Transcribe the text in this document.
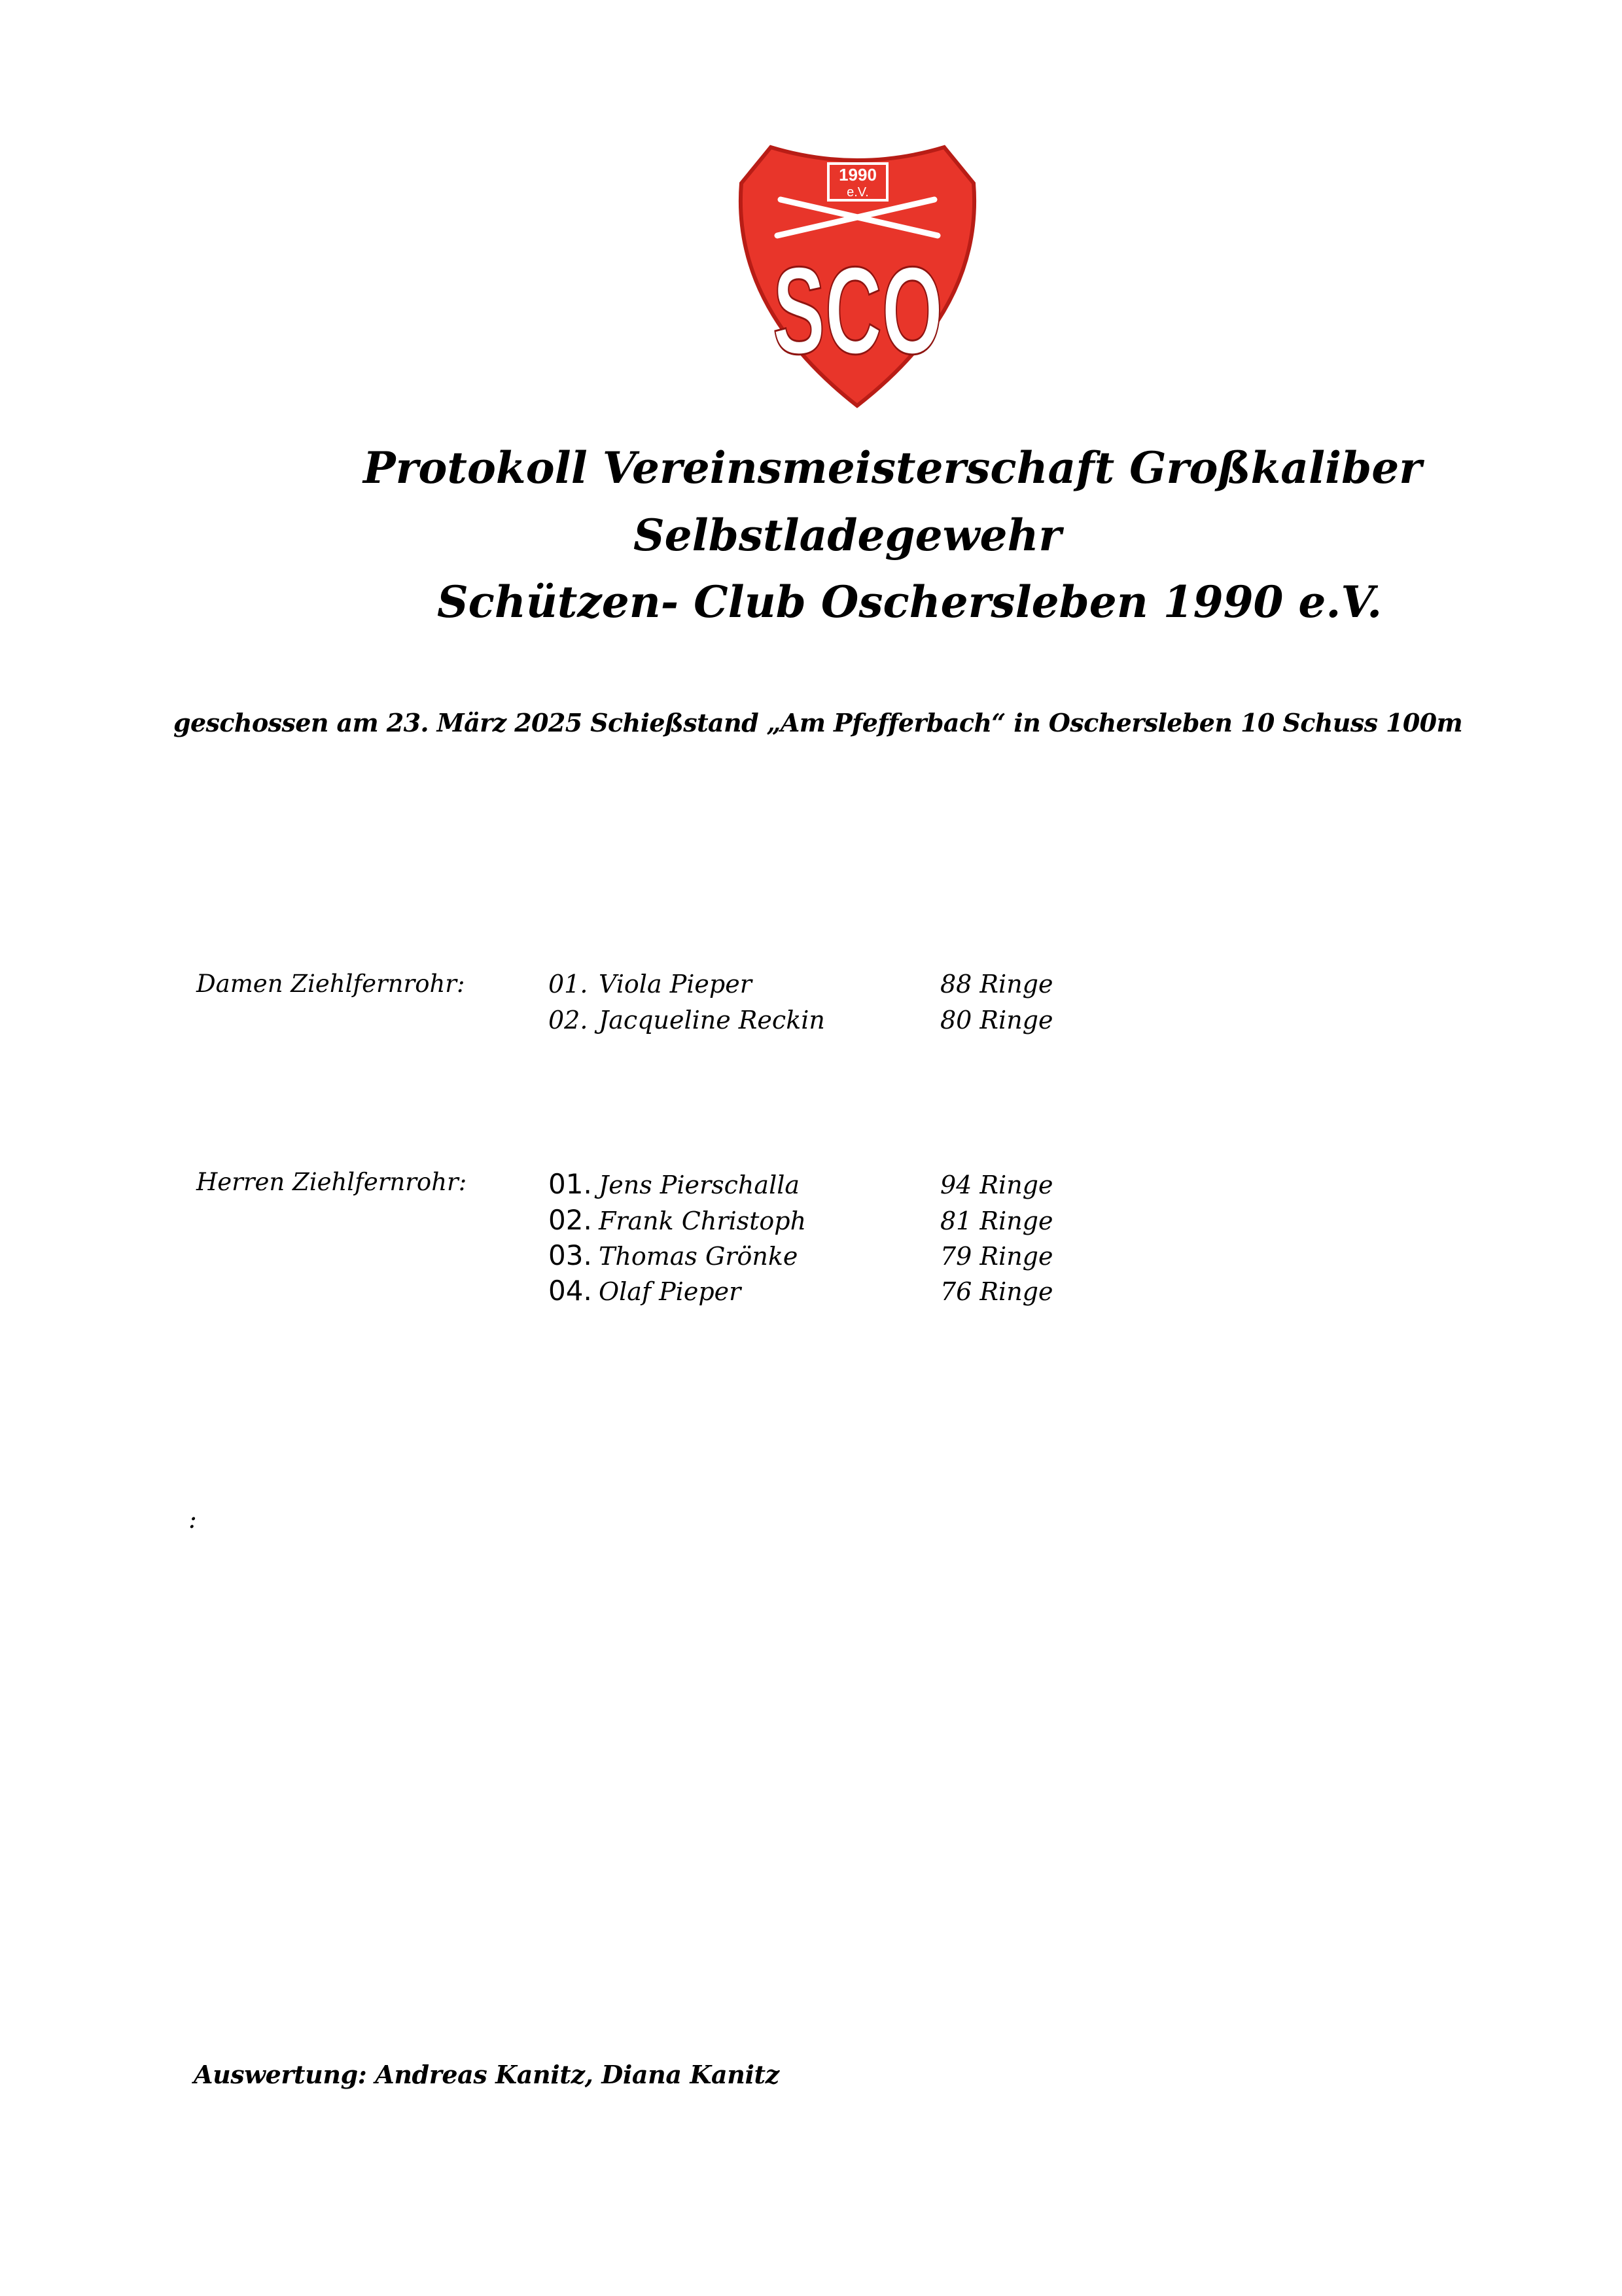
1990
e.V.
SCO
Protokoll Vereinsmeisterschaft Großkaliber
Selbstladegewehr
Schützen- Club Oschersleben 1990 e.V.
geschossen am 23. März 2025 Schießstand „Am Pfefferbach“ in Oschersleben 10 Schuss 100m
Damen Ziehlfernrohr:	01. Viola Pieper	88 Ringe
02. Jacqueline Reckin	80 Ringe
Herren Ziehlfernrohr:	01. Jens Pierschalla	94 Ringe
02. Frank Christoph	81 Ringe
03. Thomas Grönke	79 Ringe
04. Olaf Pieper	76 Ringe
:
Auswertung: Andreas Kanitz, Diana Kanitz
